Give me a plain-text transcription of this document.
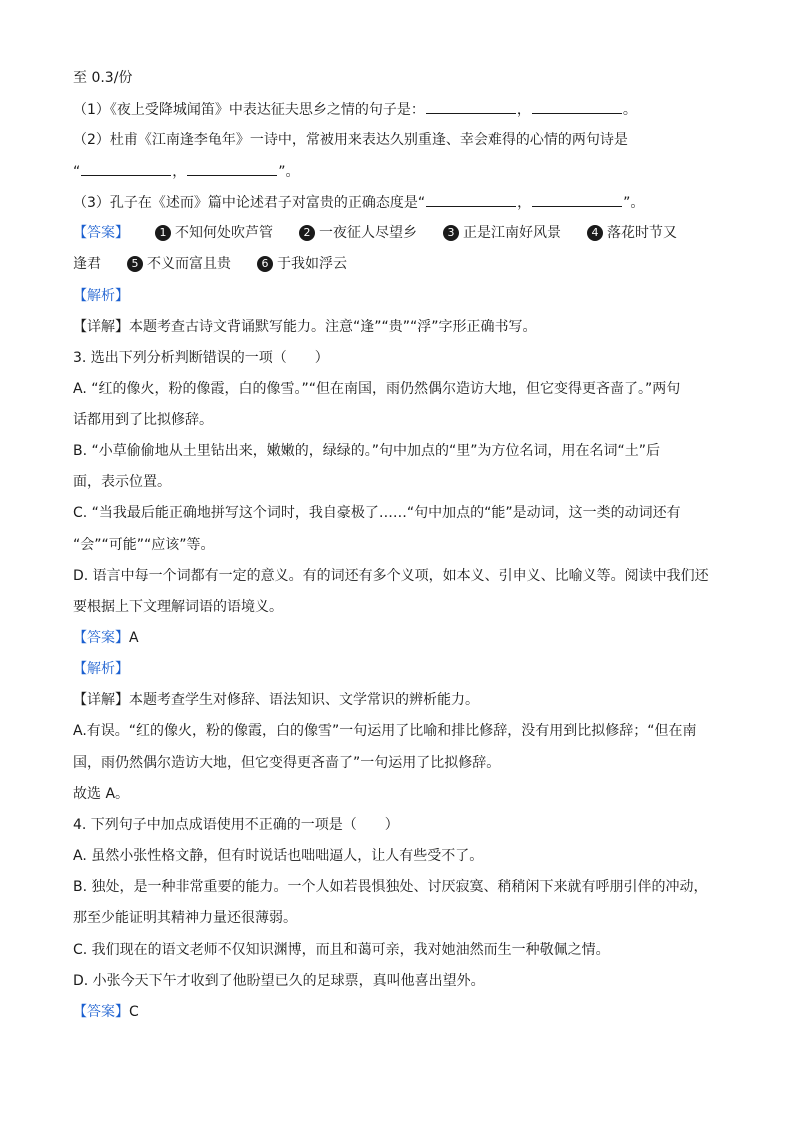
至 0.3/份
（1）《夜上受降城闻笛》中表达征夫思乡之情的句子是：	，	。
（2）杜甫《江南逢李龟年》一诗中，常被用来表达久别重逢、幸会难得的心情的两句诗是
“	，	”。
（3）孔子在《述而》篇中论述君子对富贵的正确态度是“	，	”。
【答案】	1 不知何处吹芦管	2 一夜征人尽望乡	3 正是江南好风景	4 落花时节又
逢君	5 不义而富且贵	6 于我如浮云
【解析】
【详解】本题考查古诗文背诵默写能力。注意“逢”“贵”“浮”字形正确书写。
3. 选出下列分析判断错误的一项（　　）
A. “红的像火，粉的像霞，白的像雪。”“但在南国，雨仍然偶尔造访大地，但它变得更吝啬了。”两句
话都用到了比拟修辞。
B. “小草偷偷地从土里钻出来，嫩嫩的，绿绿的。”句中加点的“里”为方位名词，用在名词“土”后
面，表示位置。
C. “当我最后能正确地拼写这个词时，我自豪极了……“句中加点的“能”是动词，这一类的动词还有
“会”“可能”“应该”等。
D. 语言中每一个词都有一定的意义。有的词还有多个义项，如本义、引申义、比喻义等。阅读中我们还
要根据上下文理解词语的语境义。
【答案】A
【解析】
【详解】本题考查学生对修辞、语法知识、文学常识的辨析能力。
A.有误。“红的像火，粉的像霞，白的像雪”一句运用了比喻和排比修辞，没有用到比拟修辞；“但在南
国，雨仍然偶尔造访大地，但它变得更吝啬了”一句运用了比拟修辞。
故选 A。
4. 下列句子中加点成语使用不正确的一项是（　　）
A. 虽然小张性格文静，但有时说话也咄咄逼人，让人有些受不了。
B. 独处，是一种非常重要的能力。一个人如若畏惧独处、讨厌寂寞、稍稍闲下来就有呼朋引伴的冲动，
那至少能证明其精神力量还很薄弱。
C. 我们现在的语文老师不仅知识渊博，而且和蔼可亲，我对她油然而生一种敬佩之情。
D. 小张今天下午才收到了他盼望已久的足球票，真叫他喜出望外。
【答案】C
